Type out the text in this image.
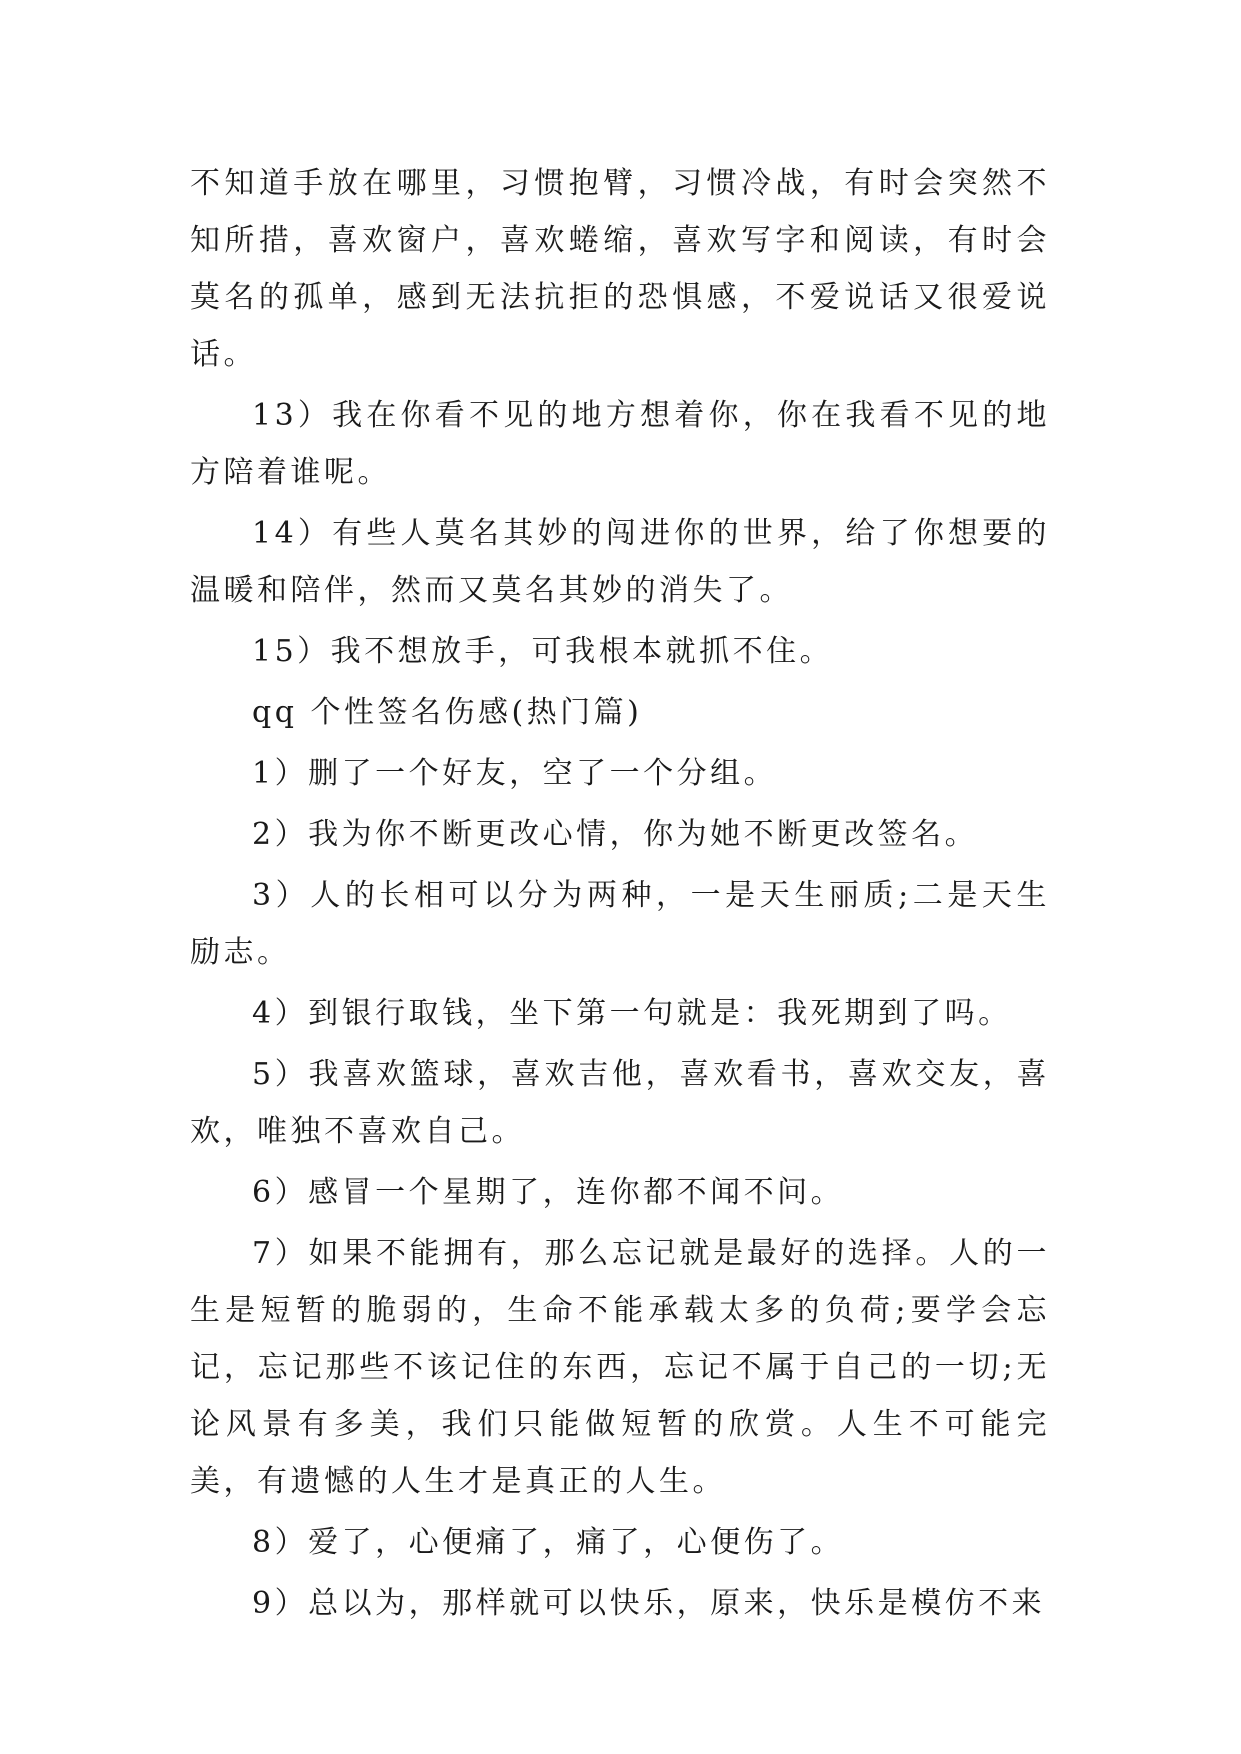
不知道手放在哪里，习惯抱臂，习惯冷战，有时会突然不知所措，喜欢窗户，喜欢蜷缩，喜欢写字和阅读，有时会莫名的孤单，感到无法抗拒的恐惧感，不爱说话又很爱说话。

13）我在你看不见的地方想着你，你在我看不见的地方陪着谁呢。

14）有些人莫名其妙的闯进你的世界，给了你想要的温暖和陪伴，然而又莫名其妙的消失了。

15）我不想放手，可我根本就抓不住。

qq 个性签名伤感(热门篇)

1）删了一个好友，空了一个分组。

2）我为你不断更改心情，你为她不断更改签名。

3）人的长相可以分为两种，一是天生丽质;二是天生励志。

4）到银行取钱，坐下第一句就是：我死期到了吗。

5）我喜欢篮球，喜欢吉他，喜欢看书，喜欢交友，喜欢，唯独不喜欢自己。

6）感冒一个星期了，连你都不闻不问。

7）如果不能拥有，那么忘记就是最好的选择。人的一生是短暂的脆弱的，生命不能承载太多的负荷;要学会忘记，忘记那些不该记住的东西，忘记不属于自己的一切;无论风景有多美，我们只能做短暂的欣赏。人生不可能完美，有遗憾的人生才是真正的人生。

8）爱了，心便痛了，痛了，心便伤了。

9）总以为，那样就可以快乐，原来，快乐是模仿不来
